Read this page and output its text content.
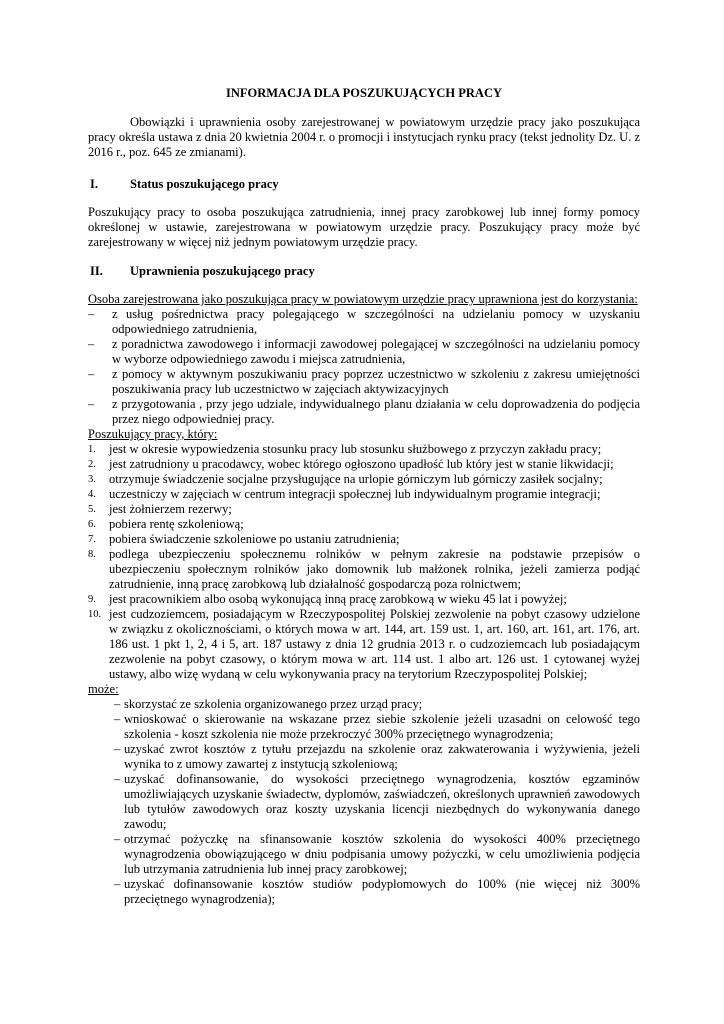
INFORMACJA DLA POSZUKUJĄCYCH PRACY
Obowiązki i uprawnienia osoby zarejestrowanej w powiatowym urzędzie pracy jako poszukująca pracy określa ustawa z dnia 20 kwietnia 2004 r. o promocji i instytucjach rynku pracy (tekst jednolity Dz. U. z 2016 r., poz. 645 ze zmianami).
I.	Status poszukującego pracy
Poszukujący pracy to osoba poszukująca zatrudnienia, innej pracy zarobkowej lub innej formy pomocy określonej w ustawie, zarejestrowana w powiatowym urzędzie pracy. Poszukujący pracy może być zarejestrowany w więcej niż jednym powiatowym urzędzie pracy.
II. Uprawnienia poszukującego pracy
Osoba zarejestrowana jako poszukująca pracy w powiatowym urzędzie pracy uprawniona jest do korzystania:
– z usług pośrednictwa pracy polegającego w szczególności na udzielaniu pomocy w uzyskaniu odpowiedniego zatrudnienia,
– z poradnictwa zawodowego i informacji zawodowej polegającej w szczególności na udzielaniu pomocy w wyborze odpowiedniego zawodu i miejsca zatrudnienia,
– z pomocy w aktywnym poszukiwaniu pracy poprzez uczestnictwo w szkoleniu z zakresu umiejętności poszukiwania pracy lub uczestnictwo w zajęciach aktywizacyjnych
– z przygotowania , przy jego udziale, indywidualnego planu działania w celu doprowadzenia do podjęcia przez niego odpowiedniej pracy.
Poszukujący pracy, który:
1. jest w okresie wypowiedzenia stosunku pracy lub stosunku służbowego z przyczyn zakładu pracy;
2. jest zatrudniony u pracodawcy, wobec którego ogłoszono upadłość lub który jest w stanie likwidacji;
3. otrzymuje świadczenie socjalne przysługujące na urlopie górniczym lub górniczy zasiłek socjalny;
4. uczestniczy w zajęciach w centrum integracji społecznej lub indywidualnym programie integracji;
5. jest żołnierzem rezerwy;
6. pobiera rentę szkoleniową;
7. pobiera świadczenie szkoleniowe po ustaniu zatrudnienia;
8. podlega ubezpieczeniu społecznemu rolników w pełnym zakresie na podstawie przepisów o ubezpieczeniu społecznym rolników jako domownik lub małżonek rolnika, jeżeli zamierza podjąć zatrudnienie, inną pracę zarobkową lub działalność gospodarczą poza rolnictwem;
9. jest pracownikiem albo osobą wykonującą inną pracę zarobkową w wieku 45 lat i powyżej;
10. jest cudzoziemcem, posiadającym w Rzeczypospolitej Polskiej zezwolenie na pobyt czasowy udzielone w związku z okolicznościami, o których mowa w art. 144, art. 159 ust. 1, art. 160, art. 161, art. 176, art. 186 ust. 1 pkt 1, 2, 4 i 5, art. 187 ustawy z dnia 12 grudnia 2013 r. o cudzoziemcach lub posiadającym zezwolenie na pobyt czasowy, o którym mowa w art. 114 ust. 1 albo art. 126 ust. 1 cytowanej wyżej ustawy, albo wizę wydaną w celu wykonywania pracy na terytorium Rzeczypospolitej Polskiej;
może:
– skorzystać ze szkolenia organizowanego przez urząd pracy;
– wnioskować o skierowanie na wskazane przez siebie szkolenie jeżeli uzasadni on celowość tego szkolenia - koszt szkolenia nie może przekroczyć 300% przeciętnego wynagrodzenia;
– uzyskać zwrot kosztów z tytułu przejazdu na szkolenie oraz zakwaterowania i wyżywienia, jeżeli wynika to z umowy zawartej z instytucją szkoleniową;
– uzyskać dofinansowanie, do wysokości przeciętnego wynagrodzenia, kosztów egzaminów umożliwiających uzyskanie świadectw, dyplomów, zaświadczeń, określonych uprawnień zawodowych lub tytułów zawodowych oraz koszty uzyskania licencji niezbędnych do wykonywania danego zawodu;
– otrzymać pożyczkę na sfinansowanie kosztów szkolenia do wysokości 400% przeciętnego wynagrodzenia obowiązującego w dniu podpisania umowy pożyczki, w celu umożliwienia podjęcia lub utrzymania zatrudnienia lub innej pracy zarobkowej;
– uzyskać dofinansowanie kosztów studiów podyplomowych do 100% (nie więcej niż 300% przeciętnego wynagrodzenia);
